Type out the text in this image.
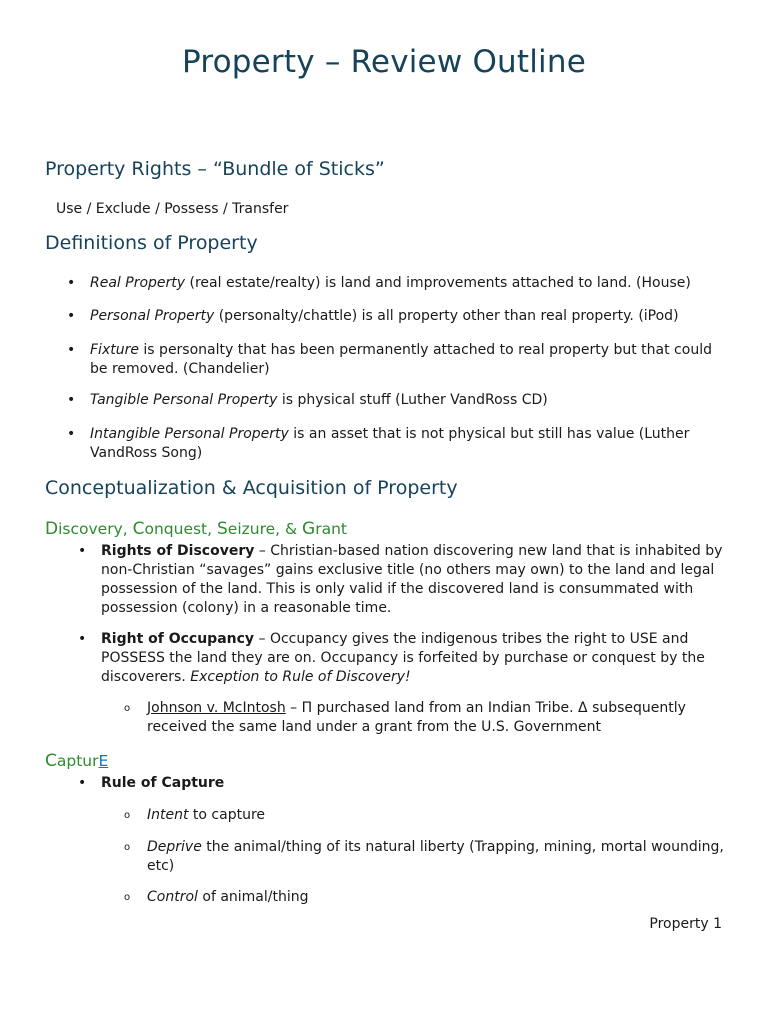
Property – Review Outline
Property Rights – “Bundle of Sticks”
Use / Exclude / Possess / Transfer
Definitions of Property
• Real Property (real estate/realty) is land and improvements attached to land. (House)
• Personal Property (personalty/chattle) is all property other than real property. (iPod)
• Fixture is personalty that has been permanently attached to real property but that could be removed. (Chandelier)
• Tangible Personal Property is physical stuff (Luther VandRoss CD)
• Intangible Personal Property is an asset that is not physical but still has value (Luther VandRoss Song)
Conceptualization & Acquisition of Property
Discovery, Conquest, Seizure, & Grant
• Rights of Discovery – Christian-based nation discovering new land that is inhabited by non-Christian “savages” gains exclusive title (no others may own) to the land and legal possession of the land. This is only valid if the discovered land is consummated with possession (colony) in a reasonable time.
• Right of Occupancy – Occupancy gives the indigenous tribes the right to USE and POSSESS the land they are on. Occupancy is forfeited by purchase or conquest by the discoverers. Exception to Rule of Discovery!
o Johnson v. McIntosh – Π purchased land from an Indian Tribe. Δ subsequently received the same land under a grant from the U.S. Government
CapturE
• Rule of Capture
o Intent to capture
o Deprive the animal/thing of its natural liberty (Trapping, mining, mortal wounding, etc)
o Control of animal/thing
Property 1
